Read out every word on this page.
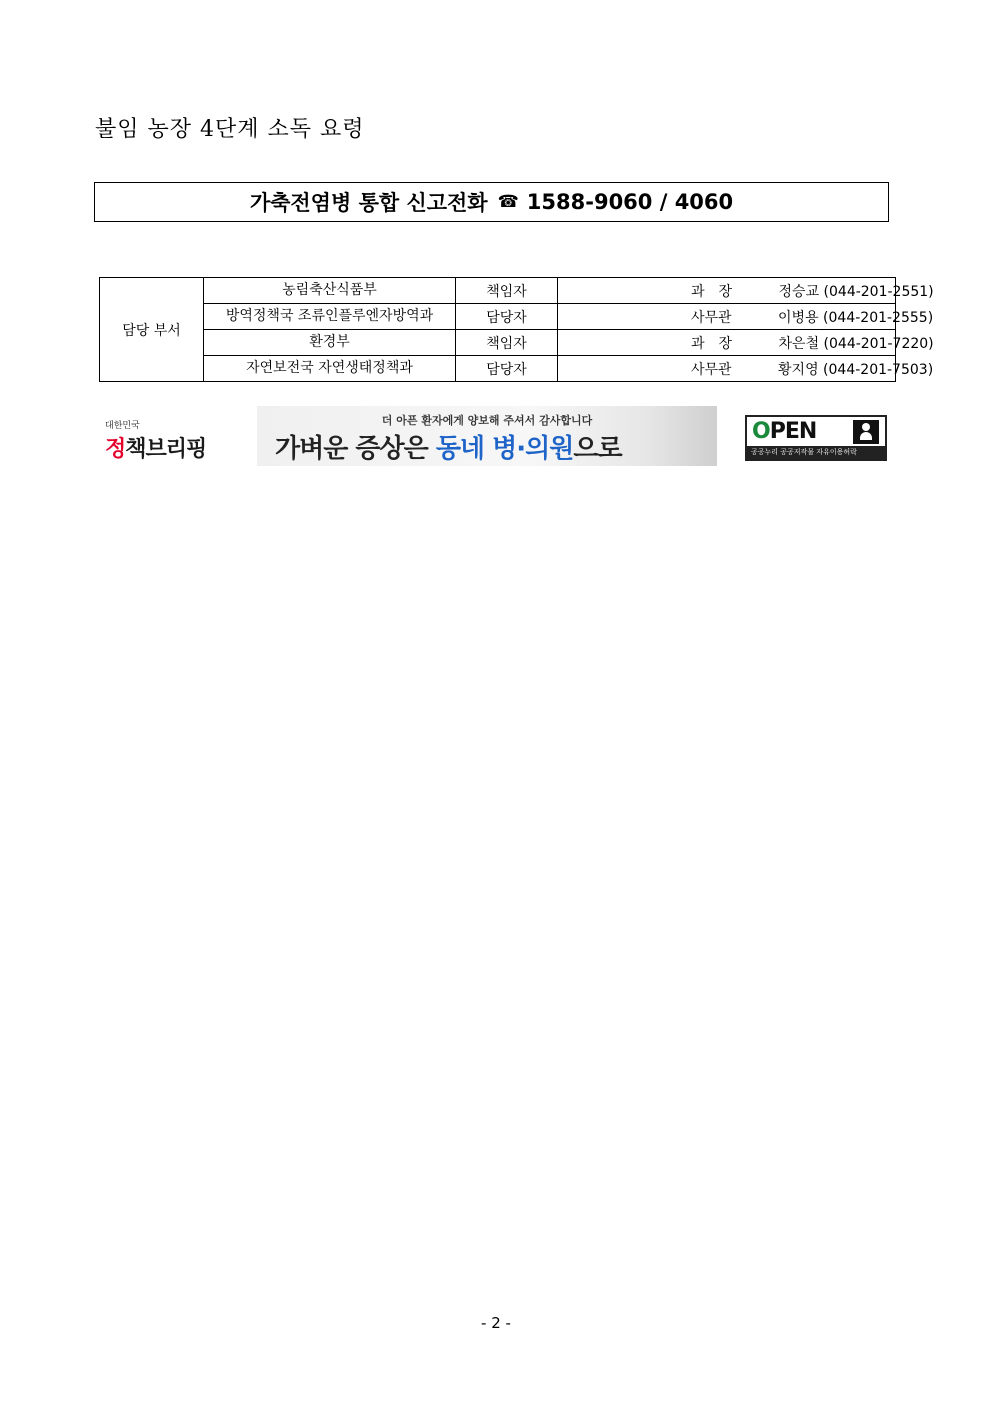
불임 농장 4단계 소독 요령
가축전염병 통합 신고전화 ☎ 1588-9060 / 4060
담당 부서	농림축산식품부	책임자	과　장　　　 정승교 (044-201-2551)
	방역정책국 조류인플루엔자방역과	담당자	사무관　　　 이병용 (044-201-2555)
	환경부	책임자	과　장　　　 차은철 (044-201-7220)
	자연보전국 자연생태정책과	담당자	사무관　　　 황지영 (044-201-7503)
대한민국
정책브리핑
더 아픈 환자에게 양보해 주셔서 감사합니다
가벼운 증상은 동네 병·의원으로
OPEN
공공누리 공공저작물 자유이용허락
- 2 -
